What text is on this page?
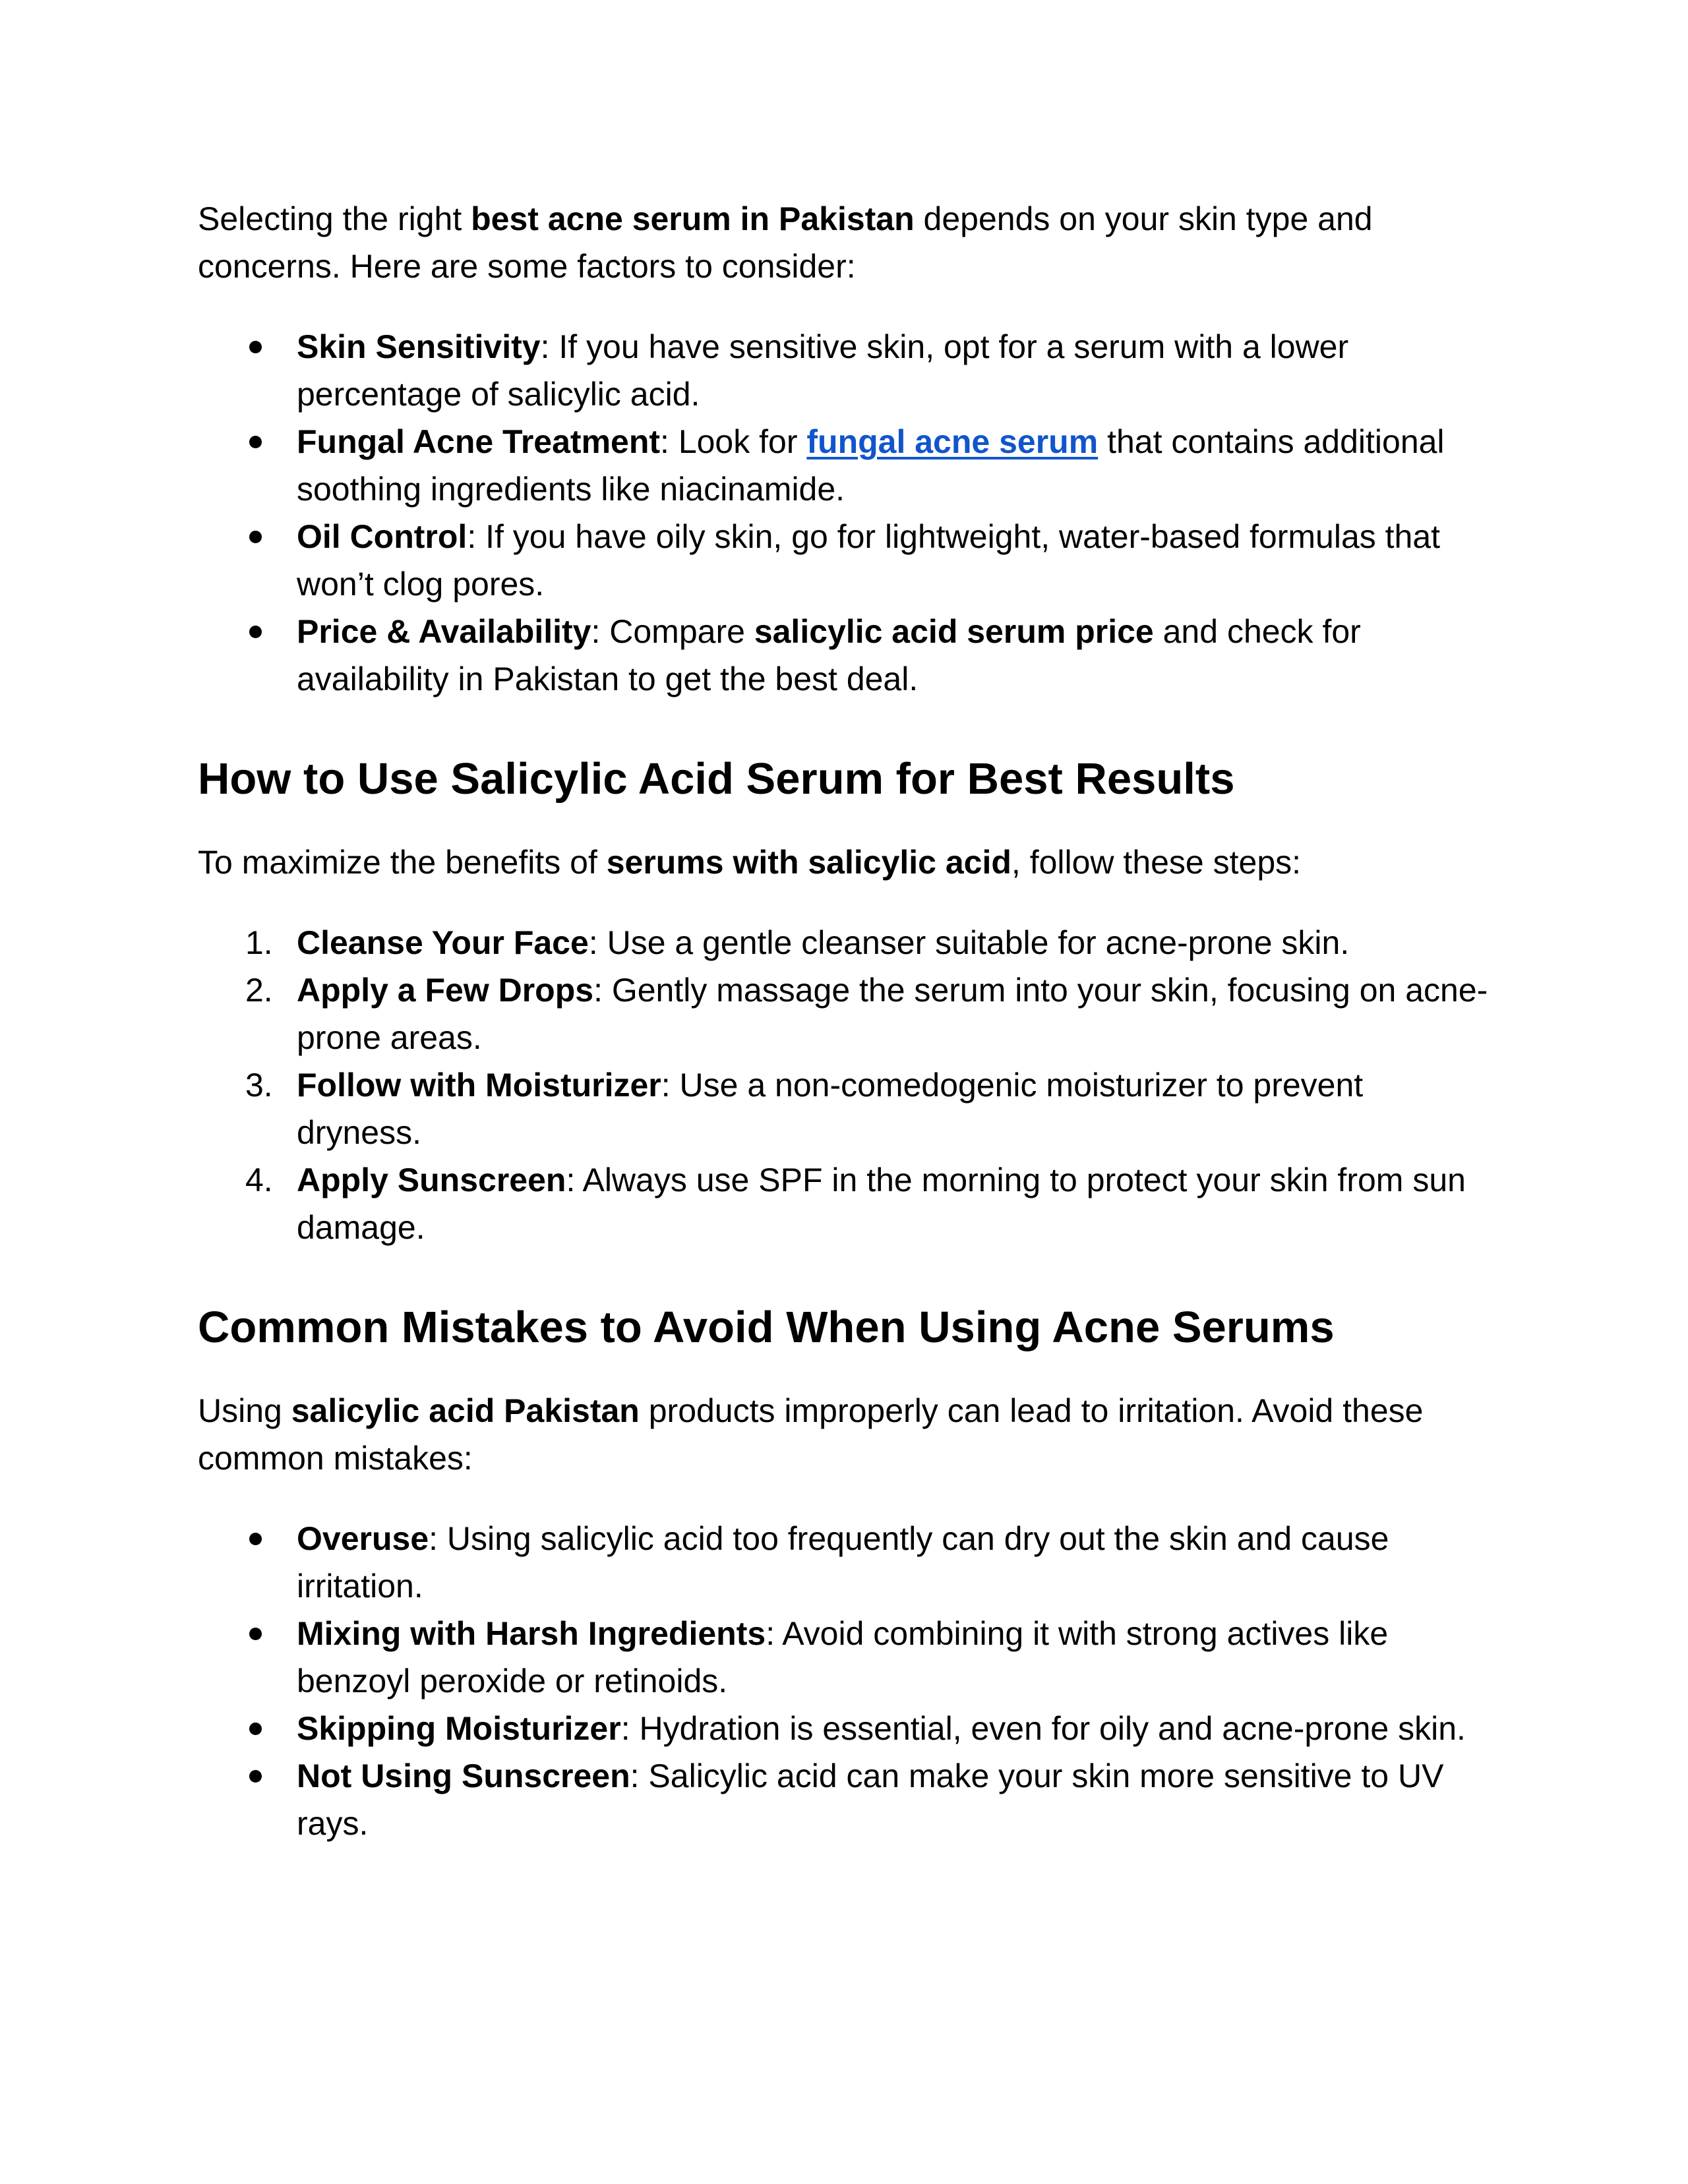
Selecting the right best acne serum in Pakistan depends on your skin type and concerns. Here are some factors to consider:

Skin Sensitivity: If you have sensitive skin, opt for a serum with a lower percentage of salicylic acid.
Fungal Acne Treatment: Look for fungal acne serum that contains additional soothing ingredients like niacinamide.
Oil Control: If you have oily skin, go for lightweight, water-based formulas that won’t clog pores.
Price & Availability: Compare salicylic acid serum price and check for availability in Pakistan to get the best deal.
How to Use Salicylic Acid Serum for Best Results

To maximize the benefits of serums with salicylic acid, follow these steps:

1. Cleanse Your Face: Use a gentle cleanser suitable for acne-prone skin.
2. Apply a Few Drops: Gently massage the serum into your skin, focusing on acne-prone areas.
3. Follow with Moisturizer: Use a non-comedogenic moisturizer to prevent dryness.
4. Apply Sunscreen: Always use SPF in the morning to protect your skin from sun damage.
Common Mistakes to Avoid When Using Acne Serums

Using salicylic acid Pakistan products improperly can lead to irritation. Avoid these common mistakes:

Overuse: Using salicylic acid too frequently can dry out the skin and cause irritation.
Mixing with Harsh Ingredients: Avoid combining it with strong actives like benzoyl peroxide or retinoids.
Skipping Moisturizer: Hydration is essential, even for oily and acne-prone skin.
Not Using Sunscreen: Salicylic acid can make your skin more sensitive to UV rays.
